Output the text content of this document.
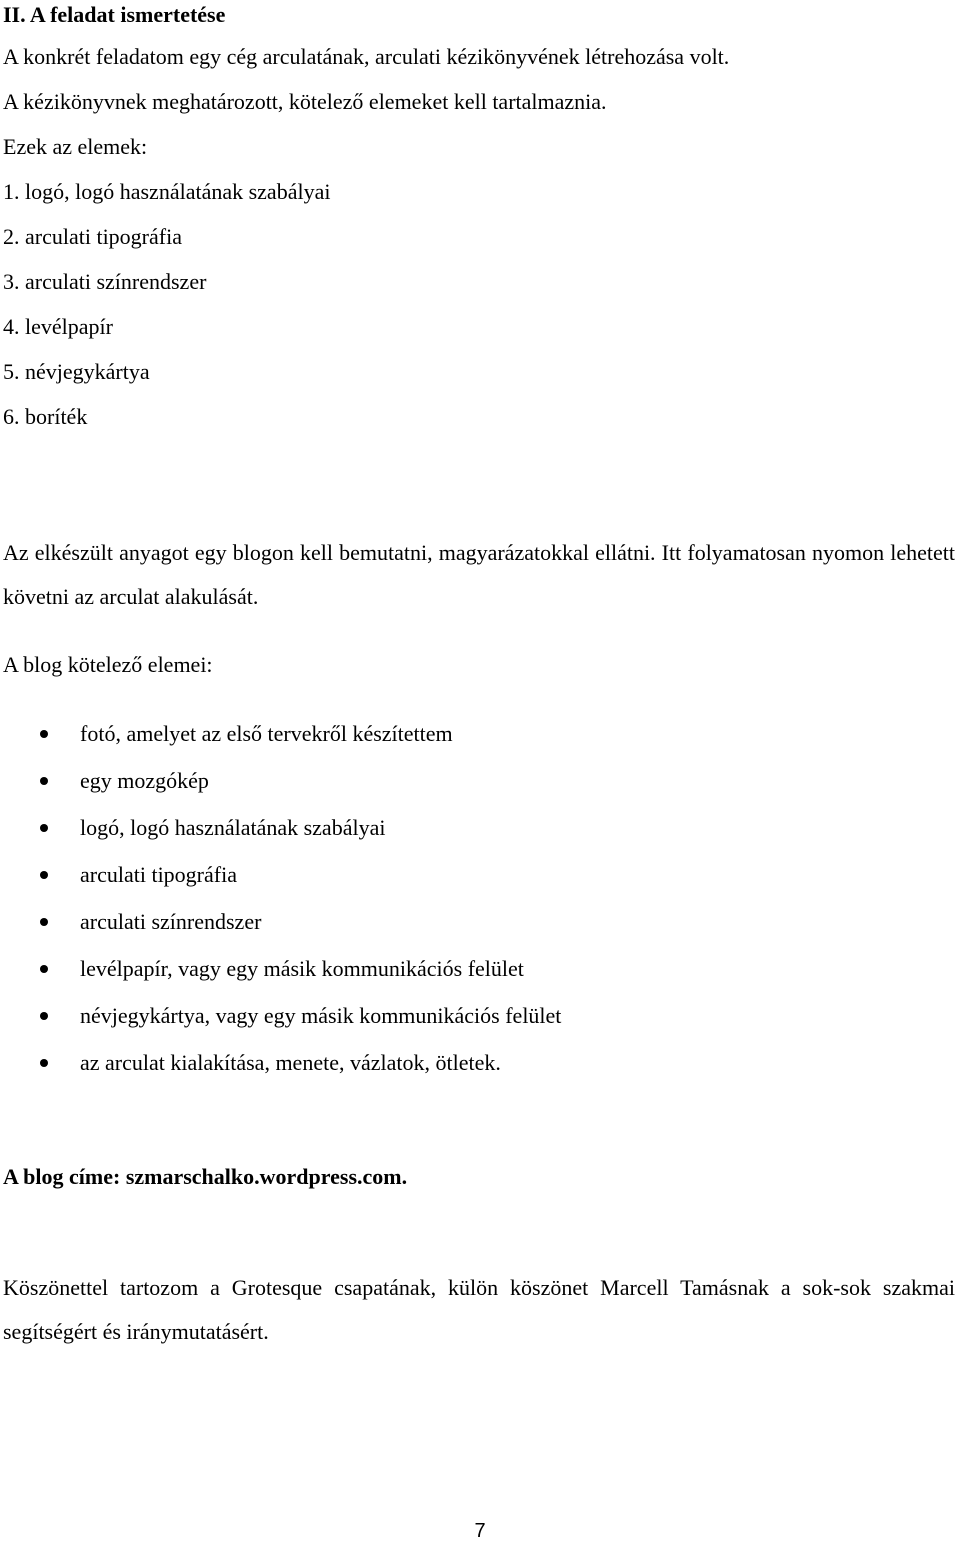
II. A feladat ismertetése

A konkrét feladatom egy cég arculatának, arculati kézikönyvének létrehozása volt.

A kézikönyvnek meghatározott, kötelező elemeket kell tartalmaznia.

Ezek az elemek:

1. logó, logó használatának szabályai
2. arculati tipográfia
3. arculati színrendszer
4. levélpapír
5. névjegykártya
6. boríték

Az elkészült anyagot egy blogon kell bemutatni, magyarázatokkal ellátni. Itt folyamatosan nyomon lehetett követni az arculat alakulását.

A blog kötelező elemei:

fotó, amelyet az első tervekről készítettem
egy mozgókép
logó, logó használatának szabályai
arculati tipográfia
arculati színrendszer
levélpapír, vagy egy másik kommunikációs felület
névjegykártya, vagy egy másik kommunikációs felület
az arculat kialakítása, menete, vázlatok, ötletek.

A blog címe: szmarschalko.wordpress.com.

Köszönettel tartozom a Grotesque csapatának, külön köszönet Marcell Tamásnak a sok-sok szakmai segítségért és iránymutatásért.

7
